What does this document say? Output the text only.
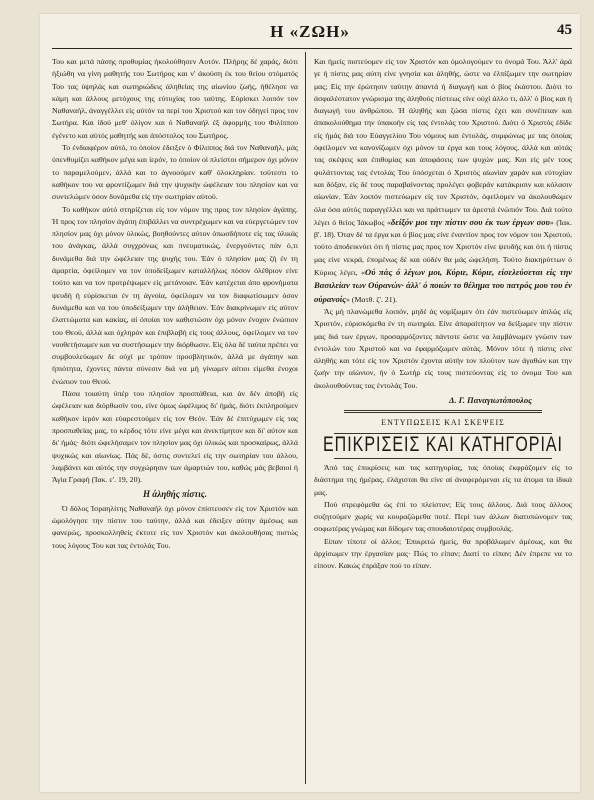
Η «ΖΩΗ»	45

Του και μετά πάσης προθυμίας ήκολούθησεν Αυτόν. Πλήρης δέ χαράς, διότι ήξιώθη να γίνη μαθητής του Σωτήρος και ν' άκούση έκ του θείου στόματός Του τας ύψηλάς και σωτηριώδεις άληθείας της αίωνίου ζωής, ήθέλησε να κάμη και άλλους μετόχους της εύτυχίας του ταύτης. Εύρίσκει λοιπόν τον Ναθαναήλ, άναγγέλλει είς αύτόν τα περί του Χριστού και τον όδηγεί προς τον Σωτήρα. Και ίδού μεθ' όλίγον και ό Ναθαναήλ έξ άφορμής του Φιλίππου έγένετο και αύτός μαθητής και άπόστολος του Σωτήρος.

Το ένδιαφέρον αύτό, το όποίον έδειξεν ό Φίλιππος διά τον Ναθαναήλ, μάς ύπενθυμίζει καθήκον μέγα και ίερόν, το όποίον οί πλείστοι σήμερον όχι μόνον το παραμελούμεν, άλλά και το άγνοούμεν καθ' όλοκληρίαν. τούτεστι το καθήκον του να φροντίζωμεν διά την ψυχικήν ώφέλειαν του πλησίον και να συντελώμεν όσον δυνάμεθα είς την σωτηρίαν αύτού.

Το καθήκον αύτό στηρίζεται είς τον νόμον της προς τον πλησίον άγάπης. Ή προς τον πλησίον άγάπη έπιβάλλει να συντρέχωμεν και να εύεργετώμεν τον πλησίον μας όχι μόνον ύλικώς, βοηθούντες αύτον όπωσδήποτε είς τας ύλικάς του άνάγκας, άλλά συγχρόνως και πνευματικώς, ένεργούντες πάν ό,τι δυνάμεθα διά την ώφέλειαν της ψυχής του. Έάν ό πλησίον μας ζή έν τη άμαρτία, όφείλομεν να τον ύποδείξωμεν καταλλήλως πόσον όλέθριον είνε τούτο και να τον προτρέψωμεν είς μετάνοιαν. Έάν κατέχεται άπο φρονήματα ψευδή ή εύρίσκεται έν τη άγνοία, όφείλομεν να τον διαφωτίσωμεν όσον δυνάμεθα και να του ύποδείξωμεν την άλήθειαν. Έάν διακρίνωμεν είς αύτον έλαττώματα και κακίας, αί όποίαι τον καθιστώσιν όχι μόνον ένοχον ένώπιον του Θεού, άλλά και όχληρόν και έπιβλαβή είς τους άλλους, όφείλομεν να τον νουθετήσωμεν και να συστήσωμεν την διόρθωσιν. Είς όλα δέ ταύτα πρέπει να συμβουλεύωμεν δε ούχί με τρόπον προσβλητικόν, άλλά με άγάπην και ήπιότητα, έχοντες πάντα σύνεσιν διά να μή γίνωμεν αίτιοι είμεθα ένοχοι ένώπιον του Θεού.

Πάσα τοιαύτη ύπέρ του πλησίον προσπάθεια, και άν δέν άποβή είς ώφέλειαν και διόρθωσίν του, είνε όμως ώφέλιμος δι' ήμάς, διότι έκπληρούμεν καθήκον ίερόν και εύαρεστούμεν είς τον Θεόν. Έάν δέ έπιτύχωμεν είς τας προσπαθείας μας, το κέρδος τότε είνε μέγα και άνεκτίμητον και δι' αύτον και δι' ήμάς· διότι ώφελήσαμεν τον πλησίον μας όχι ύλικώς και προσκαίρως, άλλά ψυχικώς και αίωνίως. Πάς δέ, όστις συντελεί είς την σωτηρίαν του άλλου, λαμβάνει και αύτός την συγχώρησιν των άμαρτιών του, καθώς μάς βεβαιοί ή Άγία Γραφή (Ίακ. ε'. 19, 20).

Η άληθής πίστις.

Ό δόλος Ίσραηλίτης Ναθαναήλ όχι μόνον έπίστευσεν είς τον Χριστόν και ώμολόγησε την πίστιν του ταύτην, άλλά και έδειξεν αύτην άμέσως και φανερώς, προσκολληθείς έκτοτε είς τον Χριστόν και άκολουθήσας πιστώς τους λόγους Του και τας έντολάς Του.

Και ήμείς πιστεύομεν είς τον Χριστόν και όμολογούμεν το όνομά Του. Άλλ' άρά γε ή πίστις μας αύτη είνε γνησία και άληθής, ώστε να έλπίζωμεν την σωτηρίαν μας; Είς την έρώτησιν ταύτην άπαντά ή διαγωγή και ό βίος έκάστου. Διότι το άσφαλέστατον γνώρισμα της άληθούς πίστεως είνε ούχί άλλο τι, άλλ' ό βίος και ή διαγωγή του άνθρώπου. Ή άληθής και ζώσα πίστις έχει και συνέπειαν και άπακολούθημα την ύπακοήν είς τας έντολάς του Χριστού. Διότι ό Χριστός έδίδε είς ήμάς διά του Εύαγγελίου Του νόμους και έντολάς, συμφώνως με τας όποίας όφείλομεν να κανονίζωμεν όχι μόνον τα έργα και τους λόγους, άλλά και αύτάς τας σκέψεις και έπιθυμίας και άποφάσεις των ψυχών μας. Και είς μέν τους φυλάττοντας τας έντολάς Του ύπόσχεται ό Χριστός αίωνίαν χαράν και εύτυχίαν και δόξαν, είς δέ τους παραβαίνοντας προλέγει φοβεράν κατάκρισιν και κόλασιν αίωνίαν. Έάν λοιπόν πιστεύωμεν είς τον Χριστόν, όφείλομεν να άκολουθώμεν όλα όσα αύτός παραγγέλλει και να πράττωμεν τα άρεστά ένώπιόν Του. Διά τούτο λέγει ό θείος Ίάκωβος «δείξόν μοι την πίστιν σου έκ των έργων σου» (Ίακ. β'. 18). Όταν δέ τα έργα και ό βίος μας είνε έναντίον προς τον νόμον του Χριστού, τούτο άποδεικνύει ότι ή πίστις μας προς τον Χριστόν είνε ψευδής και ότι ή πίστις μας είνε νεκρά, έπομένως δέ και ούδέν θα μάς ώφελήση. Τούτο διακηρύττων ό Κύριος λέγει, «Ού πάς ό λέγων μοι, Κύριε, Κύριε, είσελεύσεται είς την Βασιλείαν των Ούρανών· άλλ' ό ποιών το θέλημα του πατρός μου του έν ούρανοίς» (Ματθ. ζ'. 21).

Άς μή πλανώμεθα λοιπόν, μηδέ άς νομίζωμεν ότι έάν πιστεύωμεν άπλώς είς Χριστόν, εύρισκόμεθα έν τη σωτηρία. Είνε άπαραίτητον να δείξωμεν την πίστιν μας διά των έργων, προσαρμόζοντες πάντοτε ώστε να λαμβάνωμεν γνώσιν των έντολών του Χριστού και να έφαρμόζωμεν αύτάς. Μόνον τότε ή πίστις είνε άληθής και τότε είς τον Χριστόν έχοντα αύτήν τον πλούτον των άγαθών και την ζωήν την αίώνιον, ήν ό Σωτήρ είς τους πιστεύοντας είς το όνομα Του και άκολουθούντας τας έντολάς Του.

Δ. Γ. Παναγιωτόπουλος
ΕΝΤΥΠΩΣΕΙΣ ΚΑΙ ΣΚΕΨΕΙΣ
ΕΠΙΚΡΙΣΕΙΣ ΚΑΙ ΚΑΤΗΓΟΡΙΑΙ

Άπό τας έπικρίσεις και τας κατηγορίας, τας όποίας έκφράζομεν είς το διάστημα της ήμέρας, έλάχισται θα είνε αί άναφερόμεναι είς τα άτομα τα ίδικά μας.

Πού στρεφόμεθα ώς έπί το πλείστον; Είς τους άλλους. Διά τους άλλους συζητούμεν χωρίς να κουραζώμεθα ποτέ. Περί των άλλων διατυπώνομεν τας σοφωτέρας γνώμας και δίδομεν τας σπουδαιοτέρας συμβουλάς.

Είπαν τίποτε οί άλλοι; Έπικριτώ ήμείς, θα προβάλωμεν άμέσως, και θα άρχίσωμεν την έργασίαν μας· Πώς το είπαν; Διατί το είπαν; Δέν έπρεπε να το είπουν. Κακώς έπράξαν πού το είπαν.
